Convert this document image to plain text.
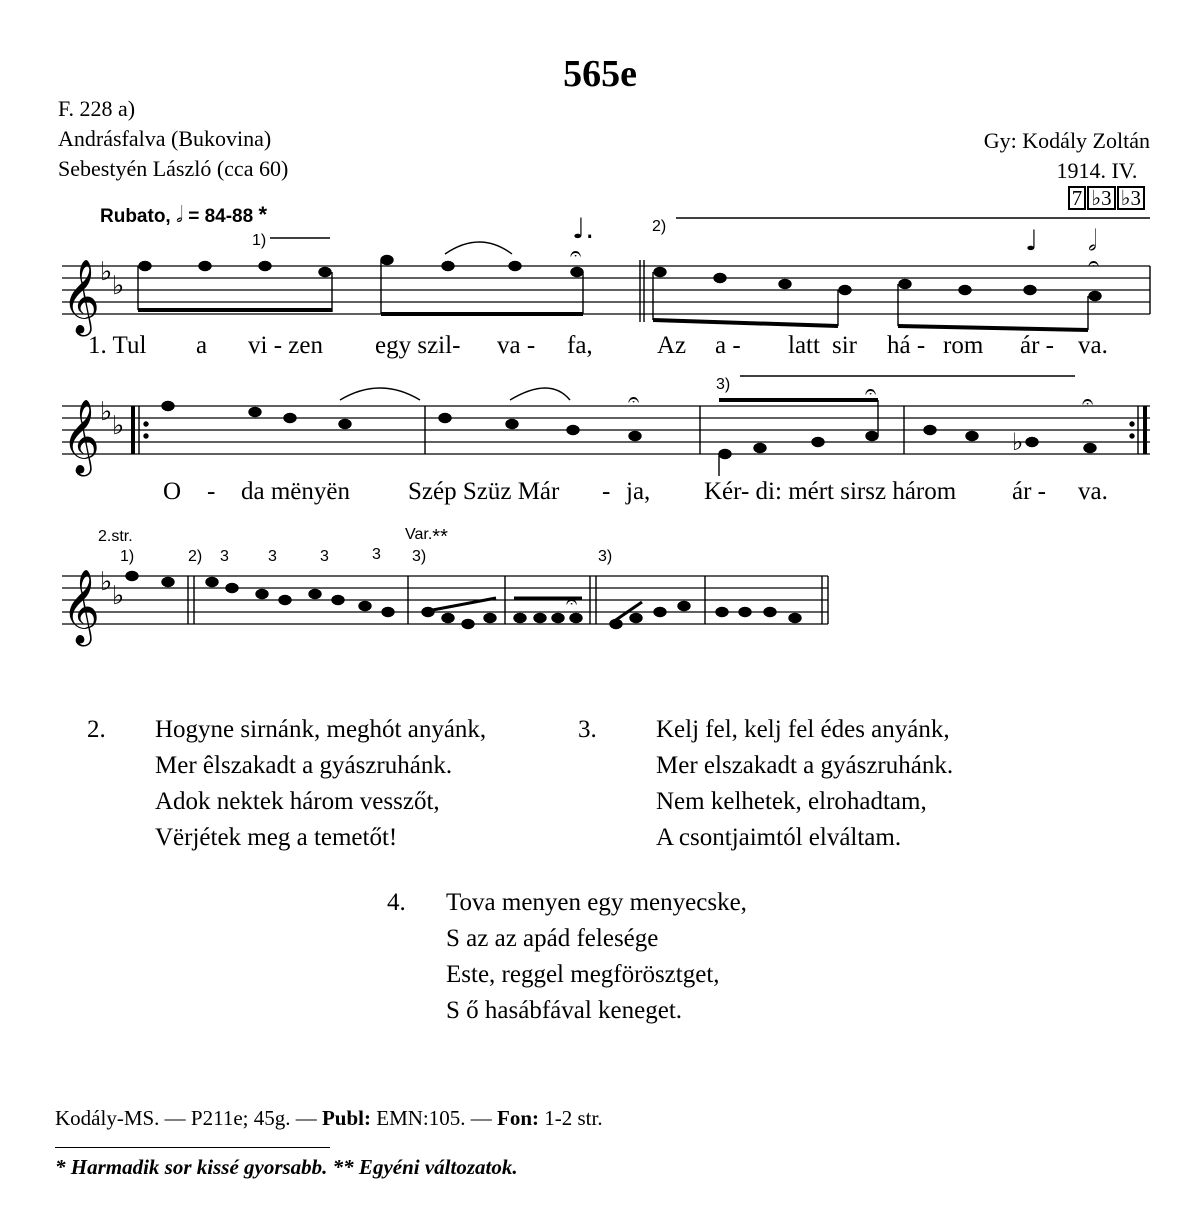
565e
F. 228 a)
Andrásfalva (Bukovina)
Sebestyén László (cca 60)
Gy: Kodály Zoltán
1914. IV.
7 ♭3 ♭3
Rubato, 𝅗𝅥 = 84-88 *
𝄞 ♭ ♭
𝄐	𝄐
♩.	♩ 𝅗𝅥
1)
2)
1. Tul a vi - zen egy szil- va - fa,	Az a - latt sir há - rom ár - va.
𝄞 ♭ ♭
𝄐	𝄐	𝄐
♭
3)
O - da mënyën Szép Szüz Már - ja, Kér- di: mért sirsz három ár - va.
𝄞 ♭ ♭	𝄐
2.str.
1)	2) 3 3	3	3
Var.**
3)	3)
2. Hogyne sirnánk, meghót anyánk,
Mer êlszakadt a gyászruhánk.
Adok nektek három vesszőt,
Vërjétek meg a temetőt!
3. Kelj fel, kelj fel édes anyánk,
Mer elszakadt a gyászruhánk.
Nem kelhetek, elrohadtam,
A csontjaimtól elváltam.
4. Tova menyen egy menyecske,
S az az apád felesége
Este, reggel megförösztget,
S ő hasábfával keneget.
Kodály-MS. — P211e; 45g. — Publ: EMN:105. — Fon: 1-2 str.
* Harmadik sor kissé gyorsabb. ** Egyéni változatok.
